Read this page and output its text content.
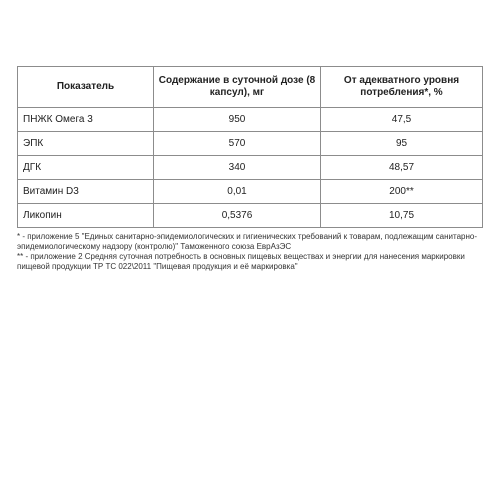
Показатель	Содержание в суточной дозе (8 капсул), мг	От адекватного уровня потребления*, %
ПНЖК Омега 3	950	47,5
ЭПК	570	95
ДГК	340	48,57
Витамин D3	0,01	200**
Ликопин	0,5376	10,75

* - приложение 5 "Единых санитарно-эпидемиологических и гигиенических требований к товарам, подлежащим санитарно-эпидемиологическому надзору (контролю)" Таможенного союза ЕврАзЭС

** - приложение 2 Средняя суточная потребность в основных пищевых веществах и энергии для нанесения маркировки пищевой продукции ТР ТС 022\2011 "Пищевая продукция и её маркировка"
